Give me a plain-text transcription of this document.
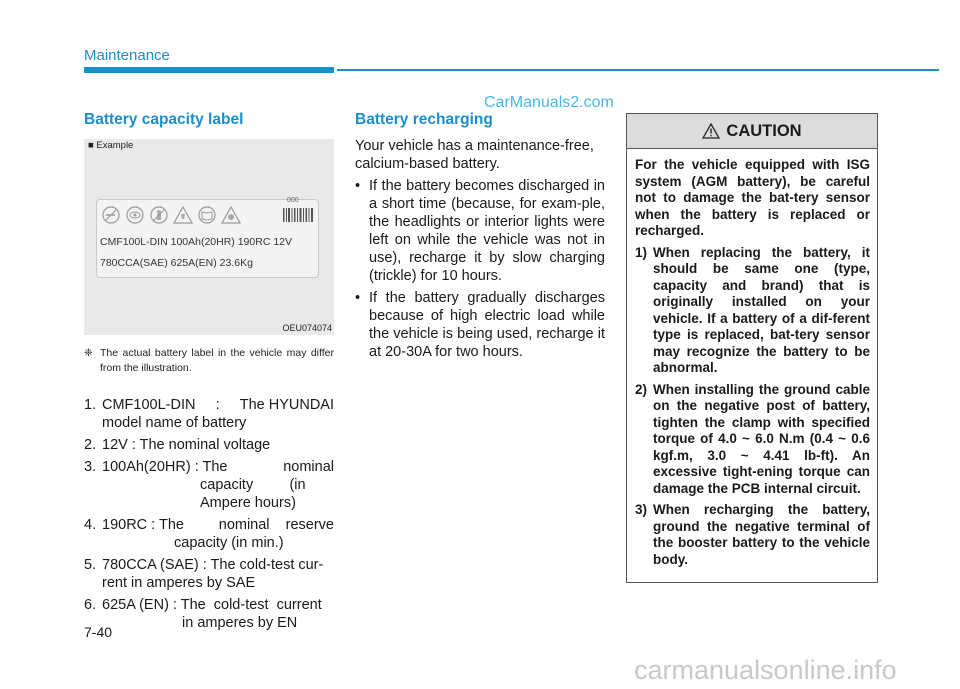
Maintenance
CarManuals2.com
Battery capacity label
■ Example
000
CMF100L-DIN 100Ah(20HR) 190RC 12V
780CCA(SAE) 625A(EN) 23.6Kg
OEU074074
❈ The actual battery label in the vehicle may differ from the illustration.
1. CMF100L-DIN : The HYUNDAI
model name of battery
2. 12V : The nominal voltage
3. 100Ah(20HR) : The	nominal
capacity         (in
Ampere hours)
4. 190RC : The nominal    reserve
capacity (in min.)
5. 780CCA (SAE) : The cold-test cur-
rent in amperes by SAE
6. 625A (EN) : The  cold-test  current
in amperes by EN
Battery recharging

Your vehicle has a maintenance-free, calcium-based battery.

• If the battery becomes discharged in a short time (because, for exam-ple, the headlights or interior lights were left on while the vehicle was not in use), recharge it by slow charging (trickle) for 10 hours.
• If the battery gradually discharges because of high electric load while the vehicle is being used, recharge it at 20-30A for two hours.
CAUTION

For the vehicle equipped with ISG system (AGM battery), be careful not to damage the bat-tery sensor when the battery is replaced or recharged.

1) When replacing the battery, it should be same one (type, capacity and brand) that is originally installed on your vehicle. If a battery of a dif-ferent type is replaced, bat-tery sensor may recognize the battery to be abnormal.
2) When installing the ground cable on the negative post of battery, tighten the clamp with specified torque of 4.0 ~ 6.0 N.m (0.4 ~ 0.6 kgf.m, 3.0 ~ 4.41 lb-ft). An excessive tight-ening torque can damage the PCB internal circuit.
3) When recharging the battery, ground the negative terminal of the booster battery to the vehicle body.
7-40
carmanualsonline.info
